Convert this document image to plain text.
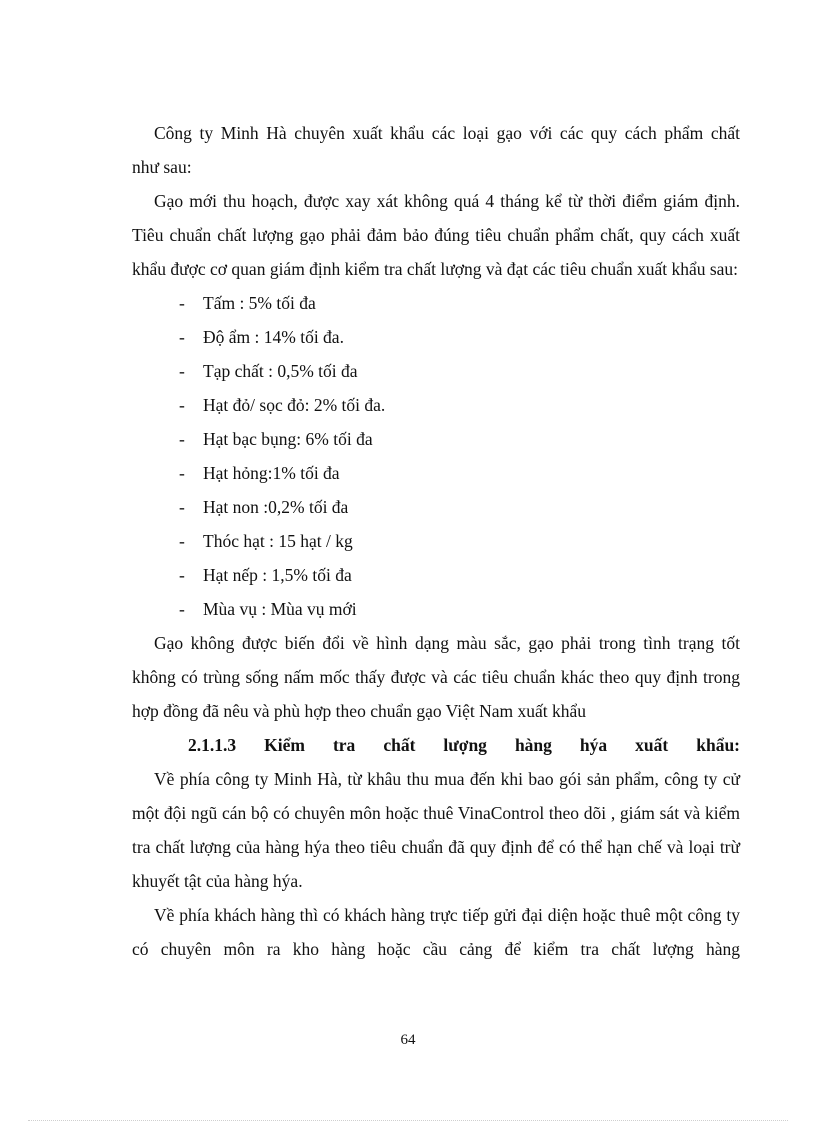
Công ty Minh Hà chuyên xuất khẩu các loại gạo với các quy cách phẩm chất

như sau:

Gạo mới thu hoạch, được xay xát không quá 4 tháng kể từ thời điểm giám định. Tiêu chuẩn chất lượng gạo phải đảm bảo đúng tiêu chuẩn phẩm chất, quy cách xuất khẩu được cơ quan giám định kiểm tra chất lượng và đạt các tiêu chuẩn xuất khẩu sau:

-	Tấm : 5% tối đa
-	Độ ẩm : 14% tối đa.
-	Tạp chất : 0,5% tối đa
-	Hạt đỏ/ sọc đỏ: 2% tối đa.
-	Hạt bạc bụng: 6% tối đa
-	Hạt hỏng:1% tối đa
-	Hạt non :0,2% tối đa
-	Thóc hạt : 15 hạt / kg
-	Hạt nếp : 1,5% tối đa
-	Mùa vụ : Mùa vụ mới

Gạo không được biến đổi về hình dạng màu sắc, gạo phải trong tình trạng tốt không có trùng sống nấm mốc thấy được và các tiêu chuẩn khác theo quy định trong hợp đồng đã nêu và phù hợp theo chuẩn gạo Việt Nam xuất khẩu

2.1.1.3 Kiểm tra chất lượng hàng hýa xuất khẩu:

Về phía công ty Minh Hà, từ khâu thu mua đến khi bao gói sản phẩm, công ty cử một đội ngũ cán bộ có chuyên môn hoặc thuê VinaControl theo dõi , giám sát và kiểm tra chất lượng của hàng hýa theo tiêu chuẩn đã quy định để có thể hạn chế và loại trừ khuyết tật của hàng hýa.

Về phía khách hàng thì có khách hàng trực tiếp gửi đại diện hoặc thuê một công ty có chuyên môn ra kho hàng hoặc cầu cảng để kiểm tra chất lượng hàng

64
